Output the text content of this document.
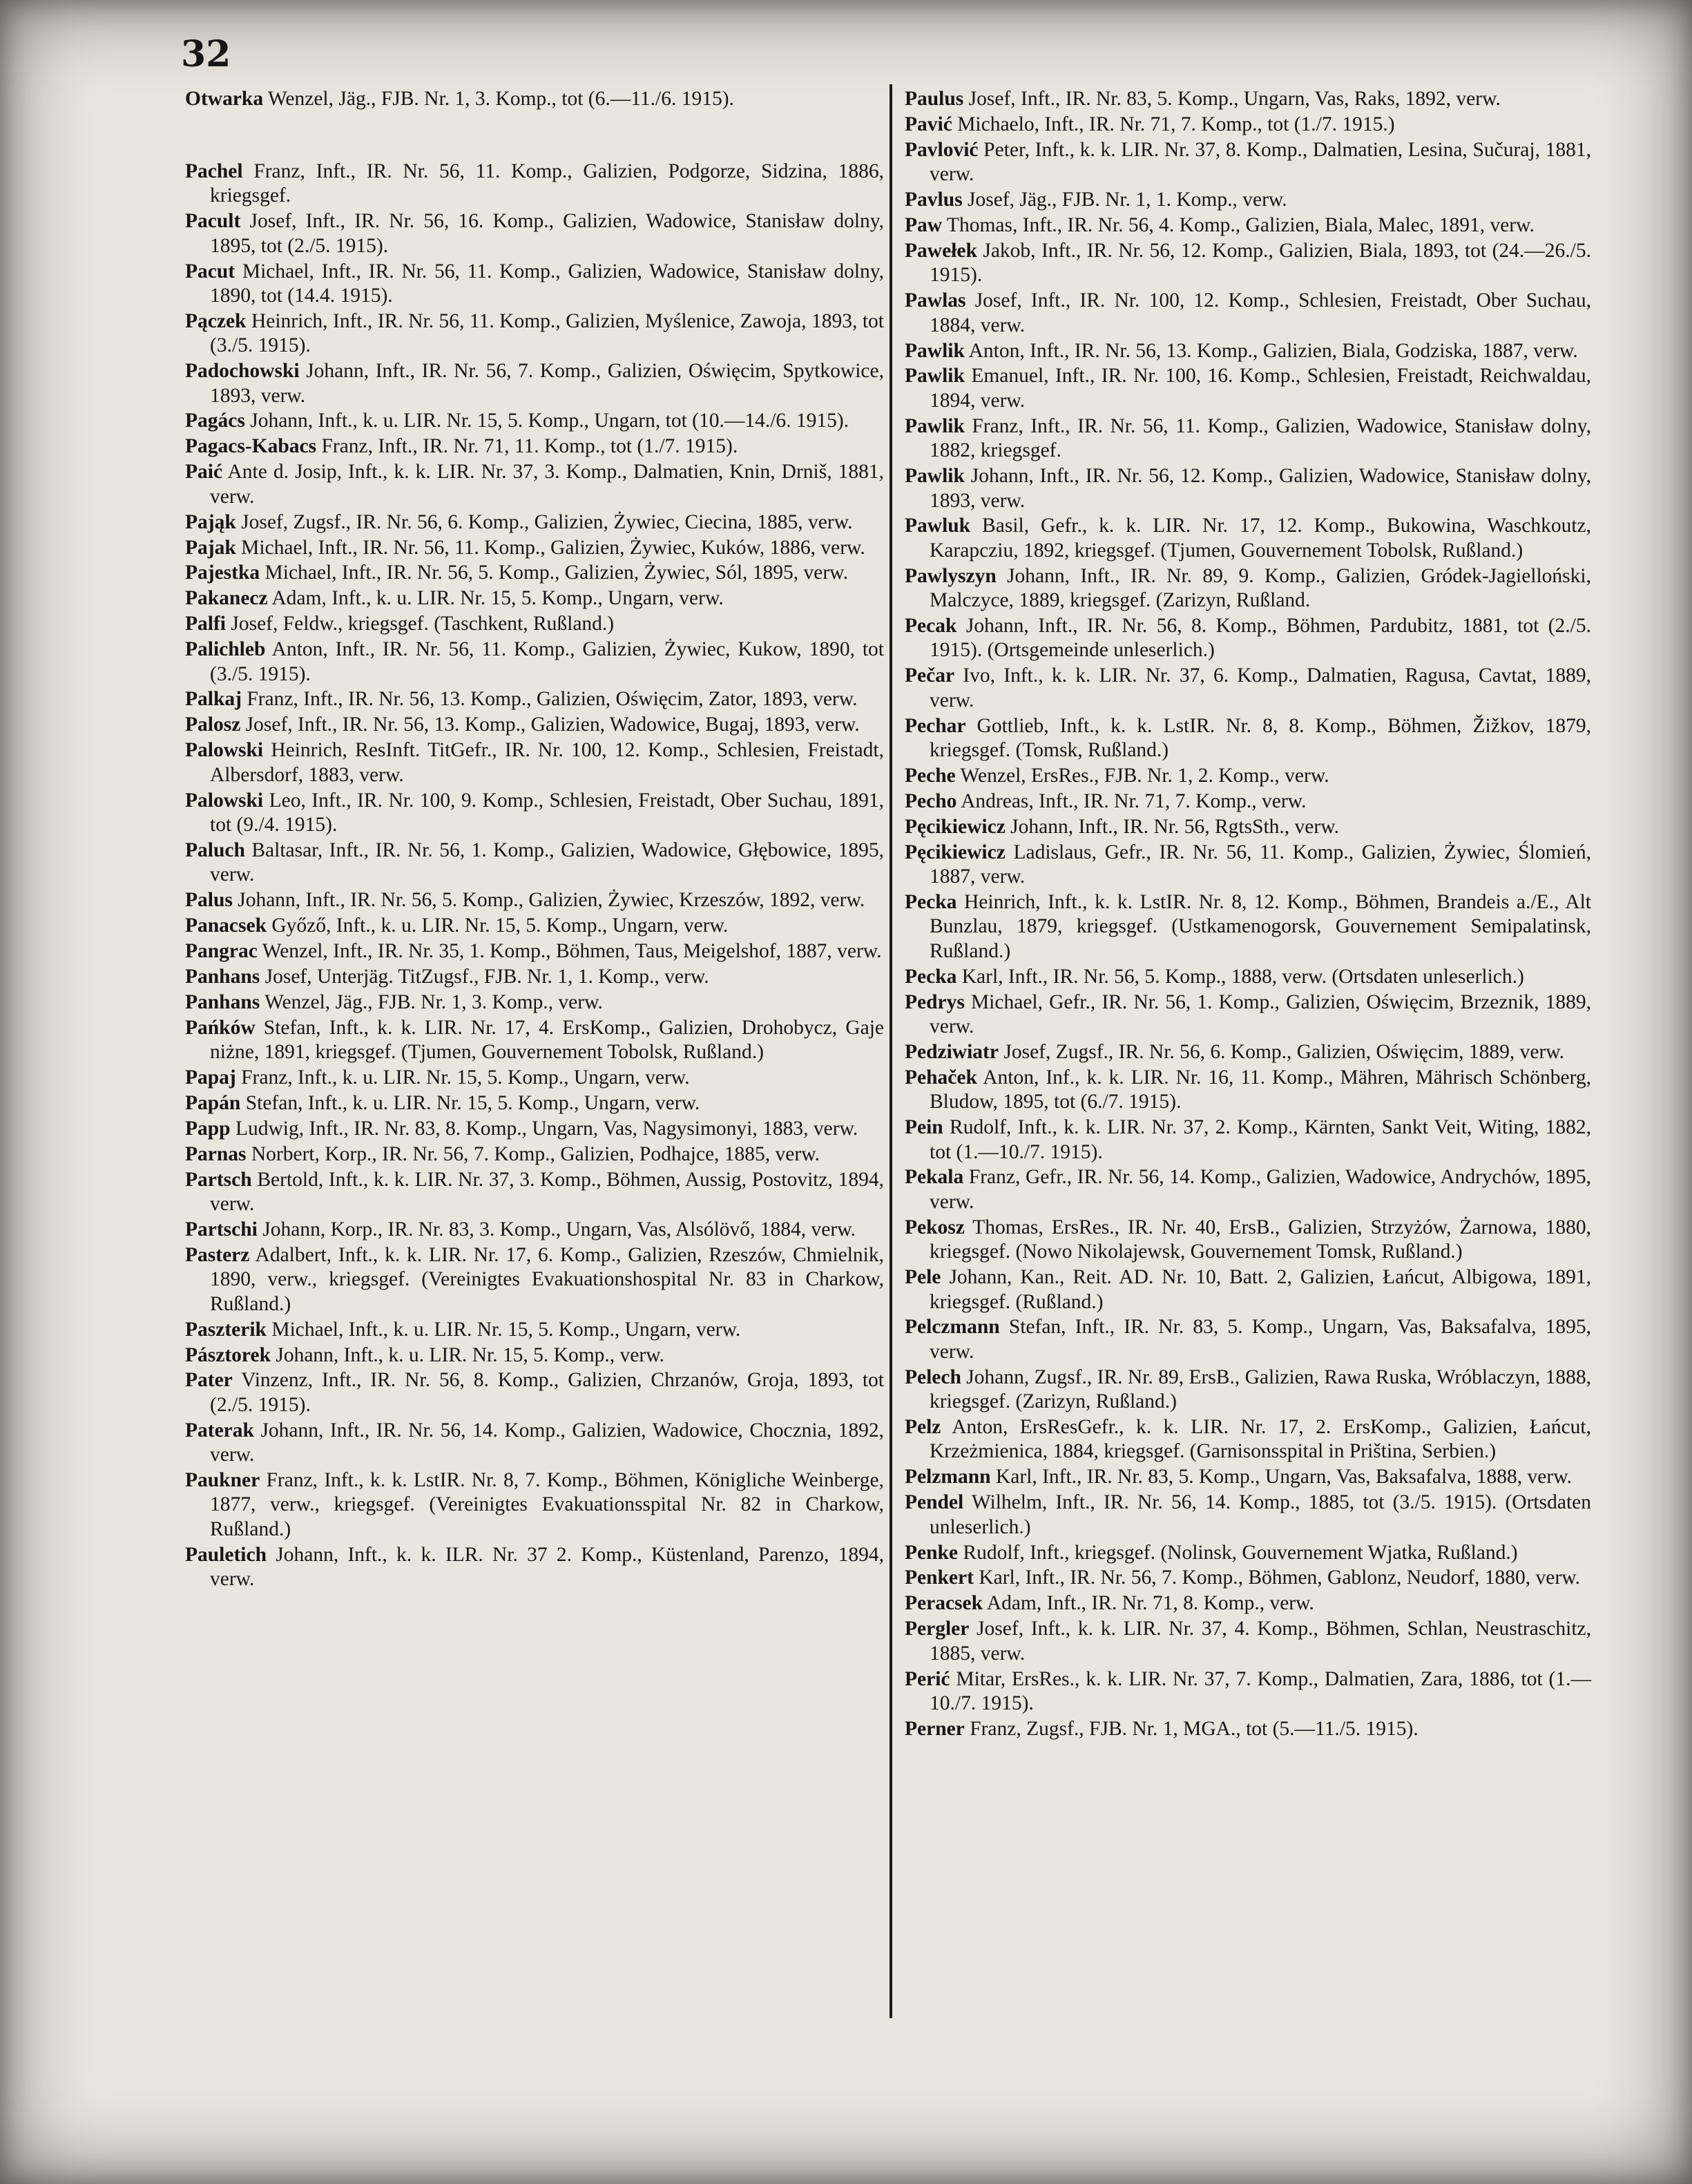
32

Otwarka Wenzel, Jäg., FJB. Nr. 1, 3. Komp., tot (6.—11./6. 1915).

Pachel Franz, Inft., IR. Nr. 56, 11. Komp., Galizien, Podgorze, Sidzina, 1886, kriegsgef.

Pacult Josef, Inft., IR. Nr. 56, 16. Komp., Galizien, Wadowice, Stanisław dolny, 1895, tot (2./5. 1915).

Pacut Michael, Inft., IR. Nr. 56, 11. Komp., Galizien, Wadowice, Stanisław dolny, 1890, tot (14.4. 1915).

Pączek Heinrich, Inft., IR. Nr. 56, 11. Komp., Galizien, Myślenice, Zawoja, 1893, tot (3./5. 1915).

Padochowski Johann, Inft., IR. Nr. 56, 7. Komp., Galizien, Oświęcim, Spytkowice, 1893, verw.

Pagács Johann, Inft., k. u. LIR. Nr. 15, 5. Komp., Ungarn, tot (10.—14./6. 1915).

Pagacs-Kabacs Franz, Inft., IR. Nr. 71, 11. Komp., tot (1./7. 1915).

Paić Ante d. Josip, Inft., k. k. LIR. Nr. 37, 3. Komp., Dalmatien, Knin, Drniš, 1881, verw.

Pająk Josef, Zugsf., IR. Nr. 56, 6. Komp., Galizien, Żywiec, Ciecina, 1885, verw.

Pajak Michael, Inft., IR. Nr. 56, 11. Komp., Galizien, Żywiec, Kuków, 1886, verw.

Pajestka Michael, Inft., IR. Nr. 56, 5. Komp., Galizien, Żywiec, Sól, 1895, verw.

Pakanecz Adam, Inft., k. u. LIR. Nr. 15, 5. Komp., Ungarn, verw.

Palfi Josef, Feldw., kriegsgef. (Taschkent, Rußland.)

Palichleb Anton, Inft., IR. Nr. 56, 11. Komp., Galizien, Żywiec, Kukow, 1890, tot (3./5. 1915).

Palkaj Franz, Inft., IR. Nr. 56, 13. Komp., Galizien, Oświęcim, Zator, 1893, verw.

Palosz Josef, Inft., IR. Nr. 56, 13. Komp., Galizien, Wadowice, Bugaj, 1893, verw.

Palowski Heinrich, ResInft. TitGefr., IR. Nr. 100, 12. Komp., Schlesien, Freistadt, Albersdorf, 1883, verw.

Palowski Leo, Inft., IR. Nr. 100, 9. Komp., Schlesien, Freistadt, Ober Suchau, 1891, tot (9./4. 1915).

Paluch Baltasar, Inft., IR. Nr. 56, 1. Komp., Galizien, Wadowice, Głębowice, 1895, verw.

Palus Johann, Inft., IR. Nr. 56, 5. Komp., Galizien, Żywiec, Krzeszów, 1892, verw.

Panacsek Győző, Inft., k. u. LIR. Nr. 15, 5. Komp., Ungarn, verw.

Pangrac Wenzel, Inft., IR. Nr. 35, 1. Komp., Böhmen, Taus, Meigelshof, 1887, verw.

Panhans Josef, Unterjäg. TitZugsf., FJB. Nr. 1, 1. Komp., verw.

Panhans Wenzel, Jäg., FJB. Nr. 1, 3. Komp., verw.

Pańków Stefan, Inft., k. k. LIR. Nr. 17, 4. ErsKomp., Galizien, Drohobycz, Gaje niżne, 1891, kriegsgef. (Tjumen, Gouvernement Tobolsk, Rußland.)

Papaj Franz, Inft., k. u. LIR. Nr. 15, 5. Komp., Ungarn, verw.

Papán Stefan, Inft., k. u. LIR. Nr. 15, 5. Komp., Ungarn, verw.

Papp Ludwig, Inft., IR. Nr. 83, 8. Komp., Ungarn, Vas, Nagysimonyi, 1883, verw.

Parnas Norbert, Korp., IR. Nr. 56, 7. Komp., Galizien, Podhajce, 1885, verw.

Partsch Bertold, Inft., k. k. LIR. Nr. 37, 3. Komp., Böhmen, Aussig, Postovitz, 1894, verw.

Partschi Johann, Korp., IR. Nr. 83, 3. Komp., Ungarn, Vas, Alsólövő, 1884, verw.

Pasterz Adalbert, Inft., k. k. LIR. Nr. 17, 6. Komp., Galizien, Rzeszów, Chmielnik, 1890, verw., kriegsgef. (Vereinigtes Evakuationshospital Nr. 83 in Charkow, Rußland.)

Paszterik Michael, Inft., k. u. LIR. Nr. 15, 5. Komp., Ungarn, verw.

Pásztorek Johann, Inft., k. u. LIR. Nr. 15, 5. Komp., verw.

Pater Vinzenz, Inft., IR. Nr. 56, 8. Komp., Galizien, Chrzanów, Groja, 1893, tot (2./5. 1915).

Paterak Johann, Inft., IR. Nr. 56, 14. Komp., Galizien, Wadowice, Chocznia, 1892, verw.

Paukner Franz, Inft., k. k. LstIR. Nr. 8, 7. Komp., Böhmen, Königliche Weinberge, 1877, verw., kriegsgef. (Vereinigtes Evakuationsspital Nr. 82 in Charkow, Rußland.)

Pauletich Johann, Inft., k. k. ILR. Nr. 37 2. Komp., Küstenland, Parenzo, 1894, verw.

Paulus Josef, Inft., IR. Nr. 83, 5. Komp., Ungarn, Vas, Raks, 1892, verw.

Pavić Michaelo, Inft., IR. Nr. 71, 7. Komp., tot (1./7. 1915.)

Pavlović Peter, Inft., k. k. LIR. Nr. 37, 8. Komp., Dalmatien, Lesina, Sučuraj, 1881, verw.

Pavlus Josef, Jäg., FJB. Nr. 1, 1. Komp., verw.

Paw Thomas, Inft., IR. Nr. 56, 4. Komp., Galizien, Biala, Malec, 1891, verw.

Pawełek Jakob, Inft., IR. Nr. 56, 12. Komp., Galizien, Biala, 1893, tot (24.—26./5. 1915).

Pawlas Josef, Inft., IR. Nr. 100, 12. Komp., Schlesien, Freistadt, Ober Suchau, 1884, verw.

Pawlik Anton, Inft., IR. Nr. 56, 13. Komp., Galizien, Biala, Godziska, 1887, verw.

Pawlik Emanuel, Inft., IR. Nr. 100, 16. Komp., Schlesien, Freistadt, Reichwaldau, 1894, verw.

Pawlik Franz, Inft., IR. Nr. 56, 11. Komp., Galizien, Wadowice, Stanisław dolny, 1882, kriegsgef.

Pawlik Johann, Inft., IR. Nr. 56, 12. Komp., Galizien, Wadowice, Stanisław dolny, 1893, verw.

Pawluk Basil, Gefr., k. k. LIR. Nr. 17, 12. Komp., Bukowina, Waschkoutz, Karapcziu, 1892, kriegsgef. (Tjumen, Gouvernement Tobolsk, Rußland.)

Pawlyszyn Johann, Inft., IR. Nr. 89, 9. Komp., Galizien, Gródek-Jagielloński, Malczyce, 1889, kriegsgef. (Zarizyn, Rußland.

Pecak Johann, Inft., IR. Nr. 56, 8. Komp., Böhmen, Pardubitz, 1881, tot (2./5. 1915). (Ortsgemeinde unleserlich.)

Pečar Ivo, Inft., k. k. LIR. Nr. 37, 6. Komp., Dalmatien, Ragusa, Cavtat, 1889, verw.

Pechar Gottlieb, Inft., k. k. LstIR. Nr. 8, 8. Komp., Böhmen, Žižkov, 1879, kriegsgef. (Tomsk, Rußland.)

Peche Wenzel, ErsRes., FJB. Nr. 1, 2. Komp., verw.

Pecho Andreas, Inft., IR. Nr. 71, 7. Komp., verw.

Pęcikiewicz Johann, Inft., IR. Nr. 56, RgtsSth., verw.

Pęcikiewicz Ladislaus, Gefr., IR. Nr. 56, 11. Komp., Galizien, Żywiec, Ślomień, 1887, verw.

Pecka Heinrich, Inft., k. k. LstIR. Nr. 8, 12. Komp., Böhmen, Brandeis a./E., Alt Bunzlau, 1879, kriegsgef. (Ustkamenogorsk, Gouvernement Semipalatinsk, Rußland.)

Pecka Karl, Inft., IR. Nr. 56, 5. Komp., 1888, verw. (Ortsdaten unleserlich.)

Pedrys Michael, Gefr., IR. Nr. 56, 1. Komp., Galizien, Oświęcim, Brzeznik, 1889, verw.

Pedziwiatr Josef, Zugsf., IR. Nr. 56, 6. Komp., Galizien, Oświęcim, 1889, verw.

Pehaček Anton, Inf., k. k. LIR. Nr. 16, 11. Komp., Mähren, Mährisch Schönberg, Bludow, 1895, tot (6./7. 1915).

Pein Rudolf, Inft., k. k. LIR. Nr. 37, 2. Komp., Kärnten, Sankt Veit, Witing, 1882, tot (1.—10./7. 1915).

Pekala Franz, Gefr., IR. Nr. 56, 14. Komp., Galizien, Wadowice, Andrychów, 1895, verw.

Pekosz Thomas, ErsRes., IR. Nr. 40, ErsB., Galizien, Strzyżów, Żarnowa, 1880, kriegsgef. (Nowo Nikolajewsk, Gouvernement Tomsk, Rußland.)

Pele Johann, Kan., Reit. AD. Nr. 10, Batt. 2, Galizien, Łańcut, Albigowa, 1891, kriegsgef. (Rußland.)

Pelczmann Stefan, Inft., IR. Nr. 83, 5. Komp., Ungarn, Vas, Baksafalva, 1895, verw.

Pelech Johann, Zugsf., IR. Nr. 89, ErsB., Galizien, Rawa Ruska, Wróblaczyn, 1888, kriegsgef. (Zarizyn, Rußland.)

Pelz Anton, ErsResGefr., k. k. LIR. Nr. 17, 2. ErsKomp., Galizien, Łańcut, Krzeżmienica, 1884, kriegsgef. (Garnisonsspital in Priština, Serbien.)

Pelzmann Karl, Inft., IR. Nr. 83, 5. Komp., Ungarn, Vas, Baksafalva, 1888, verw.

Pendel Wilhelm, Inft., IR. Nr. 56, 14. Komp., 1885, tot (3./5. 1915). (Ortsdaten unleserlich.)

Penke Rudolf, Inft., kriegsgef. (Nolinsk, Gouvernement Wjatka, Rußland.)

Penkert Karl, Inft., IR. Nr. 56, 7. Komp., Böhmen, Gablonz, Neudorf, 1880, verw.

Peracsek Adam, Inft., IR. Nr. 71, 8. Komp., verw.

Pergler Josef, Inft., k. k. LIR. Nr. 37, 4. Komp., Böhmen, Schlan, Neustraschitz, 1885, verw.

Perić Mitar, ErsRes., k. k. LIR. Nr. 37, 7. Komp., Dalmatien, Zara, 1886, tot (1.—10./7. 1915).

Perner Franz, Zugsf., FJB. Nr. 1, MGA., tot (5.—11./5. 1915).
